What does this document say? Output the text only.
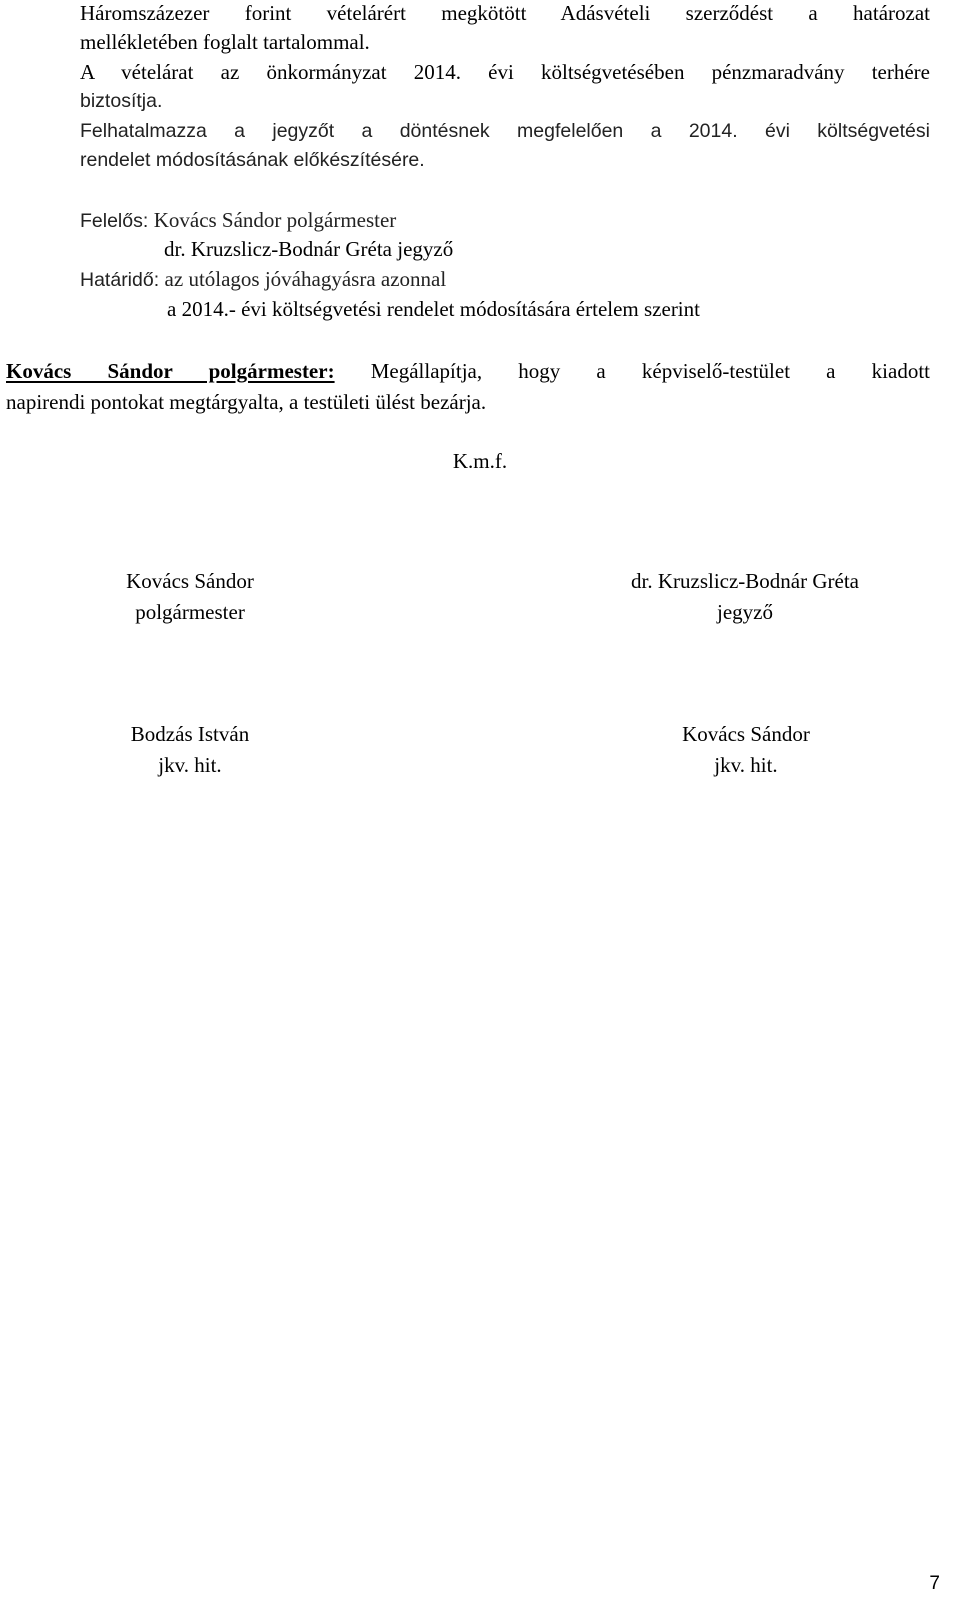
Háromszázezer forint vételárért megkötött Adásvételi szerződést a határozat
mellékletében foglalt tartalommal.
A vételárat az önkormányzat 2014. évi költségvetésében pénzmaradvány terhére
biztosítja.
Felhatalmazza a jegyzőt a döntésnek megfelelően a 2014. évi költségvetési
rendelet módosításának előkészítésére.
Felelős: Kovács Sándor polgármester
dr. Kruzslicz-Bodnár Gréta jegyző
Határidő: az utólagos jóváhagyásra azonnal
a 2014.- évi költségvetési rendelet módosítására értelem szerint
Kovács Sándor polgármester: Megállapítja, hogy a képviselő-testület a kiadott
napirendi pontokat megtárgyalta, a testületi ülést bezárja.
K.m.f.
Kovács Sándor
polgármester
dr. Kruzslicz-Bodnár Gréta
jegyző
Bodzás István
jkv. hit.
Kovács Sándor
jkv. hit.
7
